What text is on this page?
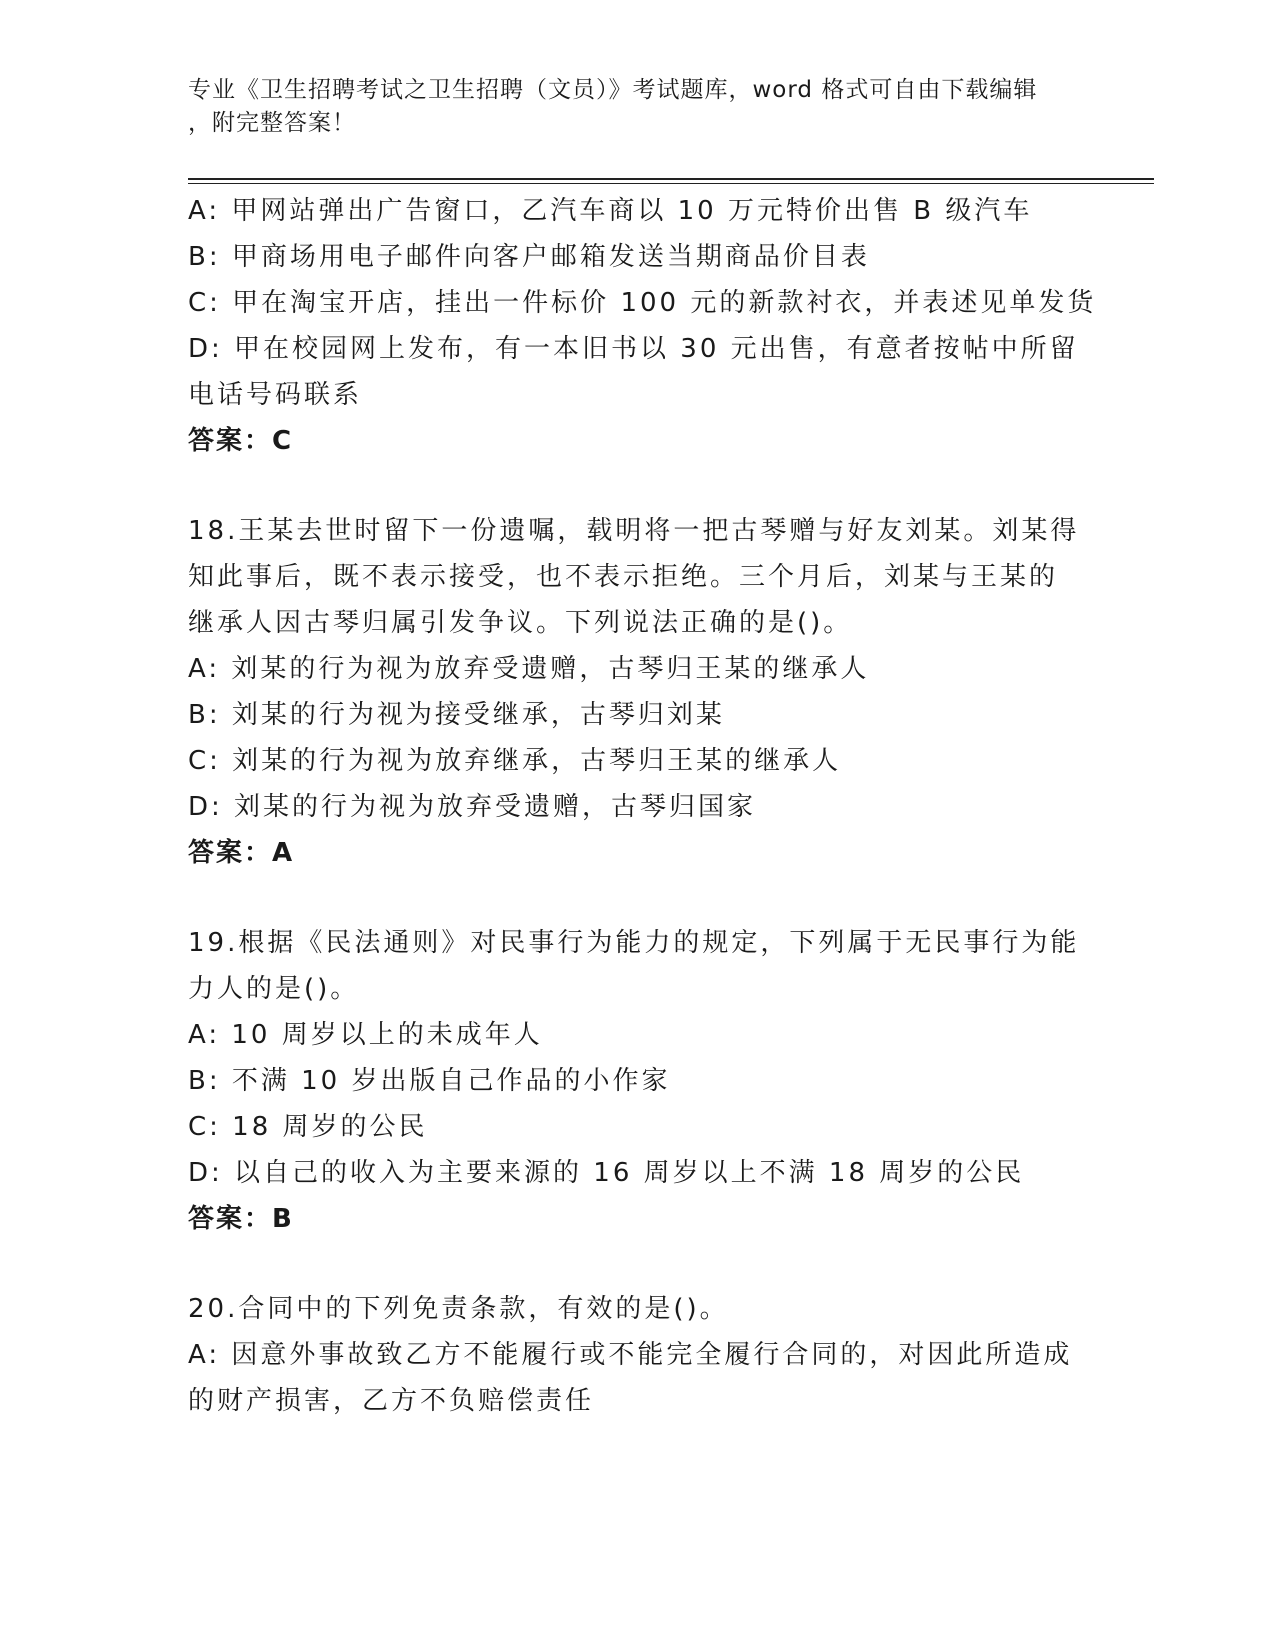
专业《卫生招聘考试之卫生招聘（文员）》考试题库，word 格式可自由下载编辑
，附完整答案！
A: 甲网站弹出广告窗口，乙汽车商以 10 万元特价出售 B 级汽车
B: 甲商场用电子邮件向客户邮箱发送当期商品价目表
C: 甲在淘宝开店，挂出一件标价 100 元的新款衬衣，并表述见单发货
D: 甲在校园网上发布，有一本旧书以 30 元出售，有意者按帖中所留
电话号码联系
答案：C
18.王某去世时留下一份遗嘱，载明将一把古琴赠与好友刘某。刘某得
知此事后，既不表示接受，也不表示拒绝。三个月后，刘某与王某的
继承人因古琴归属引发争议。下列说法正确的是()。
A: 刘某的行为视为放弃受遗赠，古琴归王某的继承人
B: 刘某的行为视为接受继承，古琴归刘某
C: 刘某的行为视为放弃继承，古琴归王某的继承人
D: 刘某的行为视为放弃受遗赠，古琴归国家
答案：A
19.根据《民法通则》对民事行为能力的规定，下列属于无民事行为能
力人的是()。
A: 10 周岁以上的未成年人
B: 不满 10 岁出版自己作品的小作家
C: 18 周岁的公民
D: 以自己的收入为主要来源的 16 周岁以上不满 18 周岁的公民
答案：B
20.合同中的下列免责条款，有效的是()。
A: 因意外事故致乙方不能履行或不能完全履行合同的，对因此所造成
的财产损害，乙方不负赔偿责任
